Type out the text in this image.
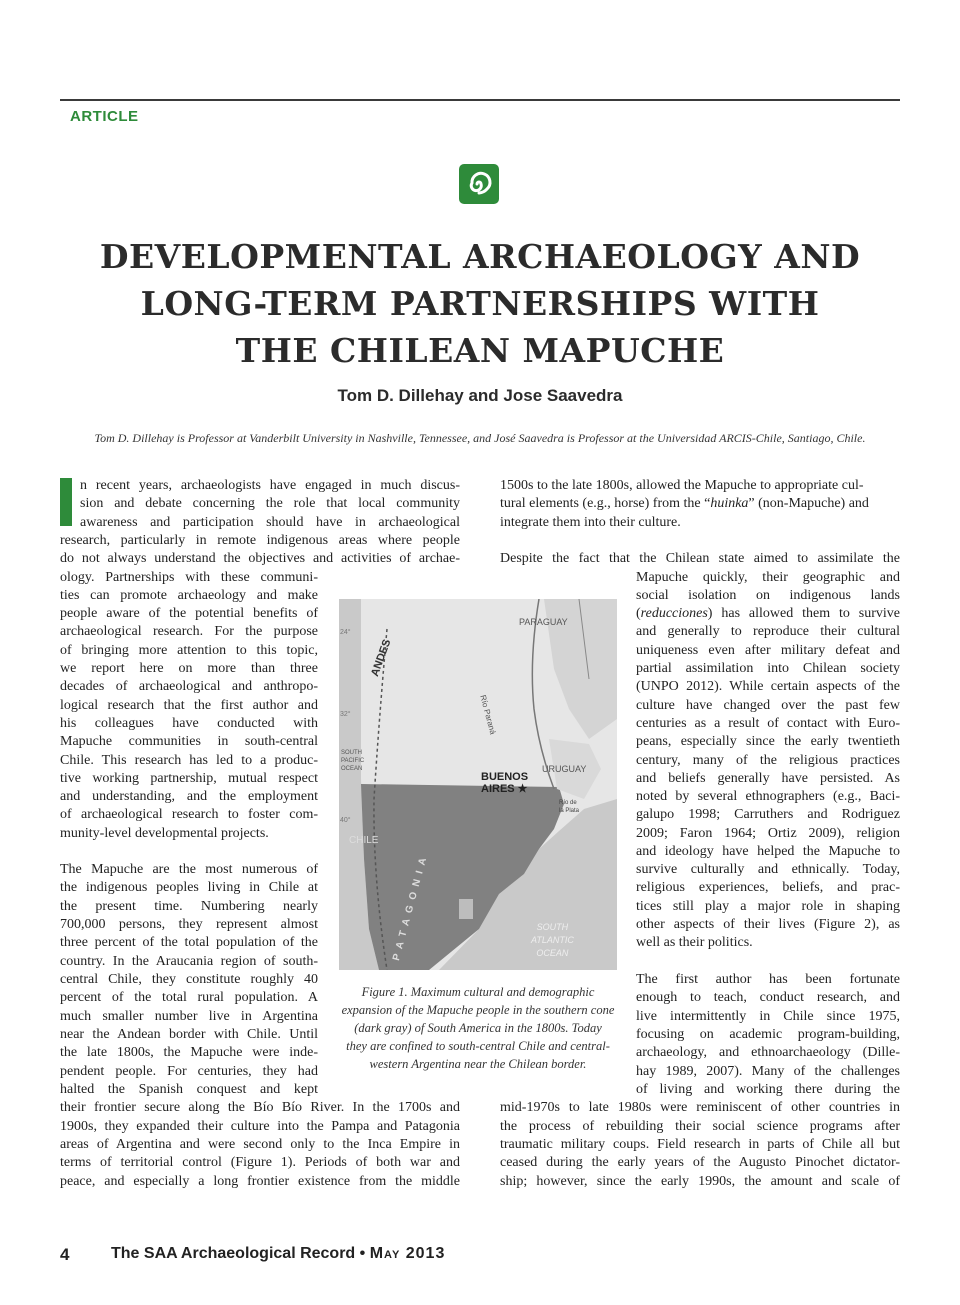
ARTICLE
DEVELOPMENTAL ARCHAEOLOGY AND
LONG-TERM PARTNERSHIPS WITH
THE CHILEAN MAPUCHE
Tom D. Dillehay and Jose Saavedra
Tom D. Dillehay is Professor at Vanderbilt University in Nashville, Tennessee, and José Saavedra is Professor at the Universidad ARCIS-Chile, Santiago, Chile.
n recent years, archaeologists have engaged in much discus-
sion and debate concerning the role that local community
awareness and participation should have in archaeological
research, particularly in remote indigenous areas where people
do not always understand the objectives and activities of archae-
ology. Partnerships with these communi-
ties can promote archaeology and make
people aware of the potential benefits of
archaeological research. For the purpose
of bringing more attention to this topic,
we report here on more than three
decades of archaeological and anthropo-
logical research that the first author and
his colleagues have conducted with
Mapuche communities in south-central
Chile. This research has led to a produc-
tive working partnership, mutual respect
and understanding, and the employment
of archaeological research to foster com-
munity-level developmental projects.
The Mapuche are the most numerous of
the indigenous peoples living in Chile at
the present time. Numbering nearly
700,000 persons, they represent almost
three percent of the total population of the
country. In the Araucania region of south-
central Chile, they constitute roughly 40
percent of the total rural population. A
much smaller number live in Argentina
near the Andean border with Chile. Until
the late 1800s, the Mapuche were inde-
pendent people. For centuries, they had
halted the Spanish conquest and kept
their frontier secure along the Bío Bío River. In the 1700s and
1900s, they expanded their culture into the Pampa and Patagonia
areas of Argentina and were second only to the Inca Empire in
terms of territorial control (Figure 1). Periods of both war and
peace, and especially a long frontier existence from the middle
1500s to the late 1800s, allowed the Mapuche to appropriate cul-
tural elements (e.g., horse) from the “huinka” (non-Mapuche) and
integrate them into their culture.
Despite the fact that the Chilean state aimed to assimilate the
Mapuche quickly, their geographic and
social isolation on indigenous lands
(reducciones) has allowed them to survive
and generally to reproduce their cultural
uniqueness even after military defeat and
partial assimilation into Chilean society
(UNPO 2012). While certain aspects of the
culture have changed over the past few
centuries as a result of contact with Euro-
peans, especially since the early twentieth
century, many of the religious practices
and beliefs generally have persisted. As
noted by several ethnographers (e.g., Baci-
galupo 1998; Carruthers and Rodriguez
2009; Faron 1964; Ortiz 2009), religion
and ideology have helped the Mapuche to
survive culturally and ethnically. Today,
religious experiences, beliefs, and prac-
tices still play a major role in shaping
other aspects of their lives (Figure 2), as
well as their politics.
The first author has been fortunate
enough to teach, conduct research, and
live intermittently in Chile since 1975,
focusing on academic program-building,
archaeology, and ethnoarchaeology (Dille-
hay 1989, 2007). Many of the challenges
of living and working there during the
mid-1970s to late 1980s were reminiscent of other countries in
the process of rebuilding their social science programs after
traumatic military coups. Field research in parts of Chile all but
ceased during the early years of the Augusto Pinochet dictator-
ship; however, since the early 1990s, the amount and scale of
PARAGUAY
ANDES
Río Paraná
SOUTH
PACIFIC
OCEAN	URUGUAY
BUENOS
AIRES ★
Río de
la Plata
CHILE
PATAGONIA	SOUTH
ATLANTIC
OCEAN
24°
32°
40°
Figure 1. Maximum cultural and demographic
expansion of the Mapuche people in the southern cone
(dark gray) of South America in the 1800s. Today
they are confined to south-central Chile and central-
western Argentina near the Chilean border.
4	The SAA Archaeological Record • May 2013
